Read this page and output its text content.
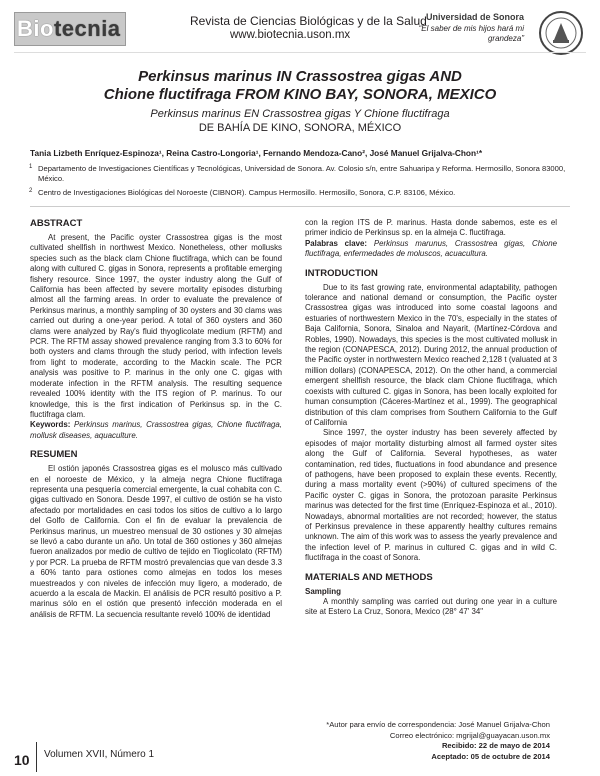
Biotecnia	Revista de Ciencias Biológicas y de la Salud
www.biotecnia.uson.mx
Universidad de Sonora
“El saber de mis hijos hará mi grandeza”
Perkinsus marinus IN Crassostrea gigas AND
Chione fluctifraga FROM KINO BAY, SONORA, MEXICO
Perkinsus marinus EN Crassostrea gigas Y Chione fluctifraga
DE BAHÍA DE KINO, SONORA, MÉXICO
Tania Lizbeth Enríquez-Espinoza¹, Reina Castro-Longoria¹, Fernando Mendoza-Cano², José Manuel Grijalva-Chon¹*
1 Departamento de Investigaciones Científicas y Tecnológicas, Universidad de Sonora. Av. Colosio s/n, entre Sahuaripa y Reforma. Hermosillo, Sonora 83000, México.
2 Centro de Investigaciones Biológicas del Noroeste (CIBNOR). Campus Hermosillo. Hermosillo, Sonora, C.P. 83106, México.
ABSTRACT

At present, the Pacific oyster Crassostrea gigas is the most cultivated shellfish in northwest Mexico. Nonetheless, other mollusks species such as the black clam Chione fluctifraga, which can be found along with cultured C. gigas in Sonora, represents a profitable emerging fishery resource. Since 1997, the oyster industry along the Gulf of California has been affected by severe mortality episodes disturbing almost all the farming areas. In order to evaluate the prevalence of Perkinsus marinus, a monthly sampling of 30 oysters and 30 clams was carried out during a one-year period. A total of 360 oysters and 360 clams were analyzed by Ray's fluid thyoglicolate medium (RFTM) and PCR. The RFTM assay showed prevalence ranging from 3.3 to 60% for both oysters and clams through the study period, with infection levels from light to moderate, according to the Mackin scale. The PCR analysis was positive to P. marinus in the only one C. gigas with moderate infection in the RFTM analysis. The resulting sequence revealed 100% identity with the ITS region of P. marinus. To our knowledge, this is the first indication of Perkinsus sp. in the C. fluctifraga clam.

Keywords: Perkinsus marinus, Crassostrea gigas, Chione fluctifraga, mollusk diseases, aquaculture.

RESUMEN

El ostión japonés Crassostrea gigas es el molusco más cultivado en el noroeste de México, y la almeja negra Chione fluctifraga representa una pesquería comercial emergente, la cual cohabita con C. gigas cultivado en Sonora. Desde 1997, el cultivo de ostión se ha visto afectado por mortalidades en casi todos los sitios de cultivo a lo largo del Golfo de California. Con el fin de evaluar la prevalencia de Perkinsus marinus, un muestreo mensual de 30 ostiones y 30 almejas se llevó a cabo durante un año. Un total de 360 ostiones y 360 almejas fueron analizados por medio de cultivo de tejido en Tioglicolato (RFTM) y por PCR. La prueba de RFTM mostró prevalencias que van desde 3.3 a 60% tanto para ostiones como almejas en todos los meses muestreados y con niveles de infección muy ligero, a moderado, de acuerdo a la escala de Mackin. El análisis de PCR resultó positivo a P. marinus sólo en el ostión que presentó infección moderada en el análisis de RFTM. La secuencia resultante reveló 100% de identidad

con la region ITS de P. marinus. Hasta donde sabemos, este es el primer indicio de Perkinsus sp. en la almeja C. fluctifraga.

Palabras clave: Perkinsus marunus, Crassostrea gigas, Chione fluctifraga, enfermedades de moluscos, acuacultura.

INTRODUCTION

Due to its fast growing rate, environmental adaptability, pathogen tolerance and national demand or consumption, the Pacific oyster Crassostrea gigas was introduced into some coastal lagoons and estuaries of northwestern Mexico in the 70's, especially in the states of Baja California, Sonora, Sinaloa and Nayarit, (Martínez-Córdova and Robles, 1990). Nowadays, this species is the most cultivated mollusk in the region (CONAPESCA, 2012). During 2012, the annual production of the Pacific oyster in northwestern Mexico reached 2,128 t (valuated at 3 million dollars) (CONAPESCA, 2012). On the other hand, a commercial emergent shellfish resource, the black clam Chione fluctifraga, which coexists with cultured C. gigas in Sonora, has been locally exploited for human consumption (Cáceres-Martínez et al., 1999). The geographical distribution of this clam comprises from Southern California to the Gulf of California

Since 1997, the oyster industry has been severely affected by episodes of major mortality disturbing almost all farmed oyster sites along the Gulf of California. Several hypotheses, as water contamination, red tides, fluctuations in food abundance and presence of pathogens, have been proposed to explain these events. Recently, during a mass mortality event (>90%) of cultured specimens of the Pacific oyster C. gigas in Sonora, the protozoan parasite Perkinsus marinus was detected for the first time (Enríquez-Espinoza et al., 2010). Nowadays, abnormal mortalities are not recorded; however, the status of Perkinsus prevalence in these apparently healthy cultures remains unknown. The aim of this work was to assess the yearly prevalence and the infection level of P. marinus in cultured C. gigas and in wild C. fluctifraga in the coast of Sonora.

MATERIALS AND METHODS

Sampling

A monthly sampling was carried out during one year in a culture site at Estero La Cruz, Sonora, Mexico (28° 47' 34"

10 Volumen XVII, Número 1
*Autor para envío de correspondencia: José Manuel Grijalva-Chon
Correo electrónico: mgrijal@guayacan.uson.mx
Recibido: 22 de mayo de 2014
Aceptado: 05 de octubre de 2014
